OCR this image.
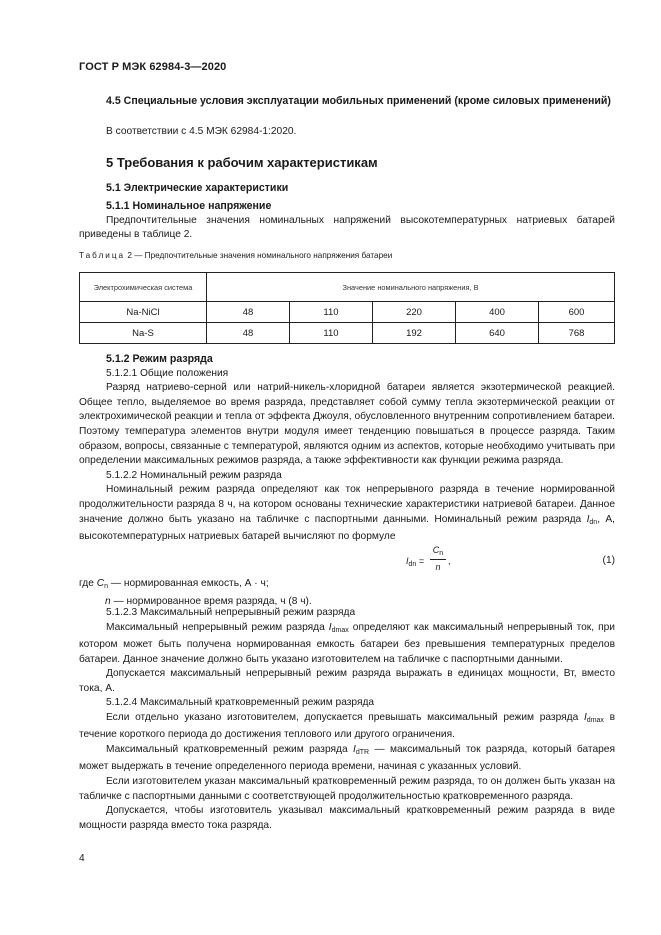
ГОСТ Р МЭК 62984-3—2020

4.5 Специальные условия эксплуатации мобильных применений (кроме силовых применений)

В соответствии с 4.5 МЭК 62984-1:2020.

5 Требования к рабочим характеристикам

5.1 Электрические характеристики

5.1.1 Номинальное напряжение

Предпочтительные значения номинальных напряжений высокотемпературных натриевых батарей приведены в таблице 2.

Таблица 2 — Предпочтительные значения номинального напряжения батареи
Электрохимическая система	Значение номинального напряжения, В				
Na-NiCl	48	110	220	400	600
Na-S	48	110	192	640	768

5.1.2 Режим разряда

5.1.2.1 Общие положения

Разряд натриево-серной или натрий-никель-хлоридной батареи является экзотермической реакцией. Общее тепло, выделяемое во время разряда, представляет собой сумму тепла экзотермической реакции от электрохимической реакции и тепла от эффекта Джоуля, обусловленного внутренним сопротивлением батареи. Поэтому температура элементов внутри модуля имеет тенденцию повышаться в процессе разряда. Таким образом, вопросы, связанные с температурой, являются одним из аспектов, которые необходимо учитывать при определении максимальных режимов разряда, а также эффективности как функции режима разряда.

5.1.2.2 Номинальный режим разряда

Номинальный режим разряда определяют как ток непрерывного разряда в течение нормированной продолжительности разряда 8 ч, на котором основаны технические характеристики натриевой батареи. Данное значение должно быть указано на табличке с паспортными данными. Номинальный режим разряда $I_{dn}$, А, высокотемпературных натриевых батарей вычисляют по формуле

$I_{dn}$ =
$C_n$
n
,	(1)

где $C_n$ — нормированная емкость, А · ч;

n — нормированное время разряда, ч (8 ч).

5.1.2.3 Максимальный непрерывный режим разряда

Максимальный непрерывный режим разряда $I_{dmax}$ определяют как максимальный непрерывный ток, при котором может быть получена нормированная емкость батареи без превышения температурных пределов батареи. Данное значение должно быть указано изготовителем на табличке с паспортными данными.

Допускается максимальный непрерывный режим разряда выражать в единицах мощности, Вт, вместо тока, А.

5.1.2.4 Максимальный кратковременный режим разряда

Если отдельно указано изготовителем, допускается превышать максимальный режим разряда $I_{dmax}$ в течение короткого периода до достижения теплового или другого ограничения.

Максимальный кратковременный режим разряда $I_{dTR}$ — максимальный ток разряда, который батарея может выдержать в течение определенного периода времени, начиная с указанных условий.

Если изготовителем указан максимальный кратковременный режим разряда, то он должен быть указан на табличке с паспортными данными с соответствующей продолжительностью кратковременного разряда.

Допускается, чтобы изготовитель указывал максимальный кратковременный режим разряда в виде мощности разряда вместо тока разряда.

4
